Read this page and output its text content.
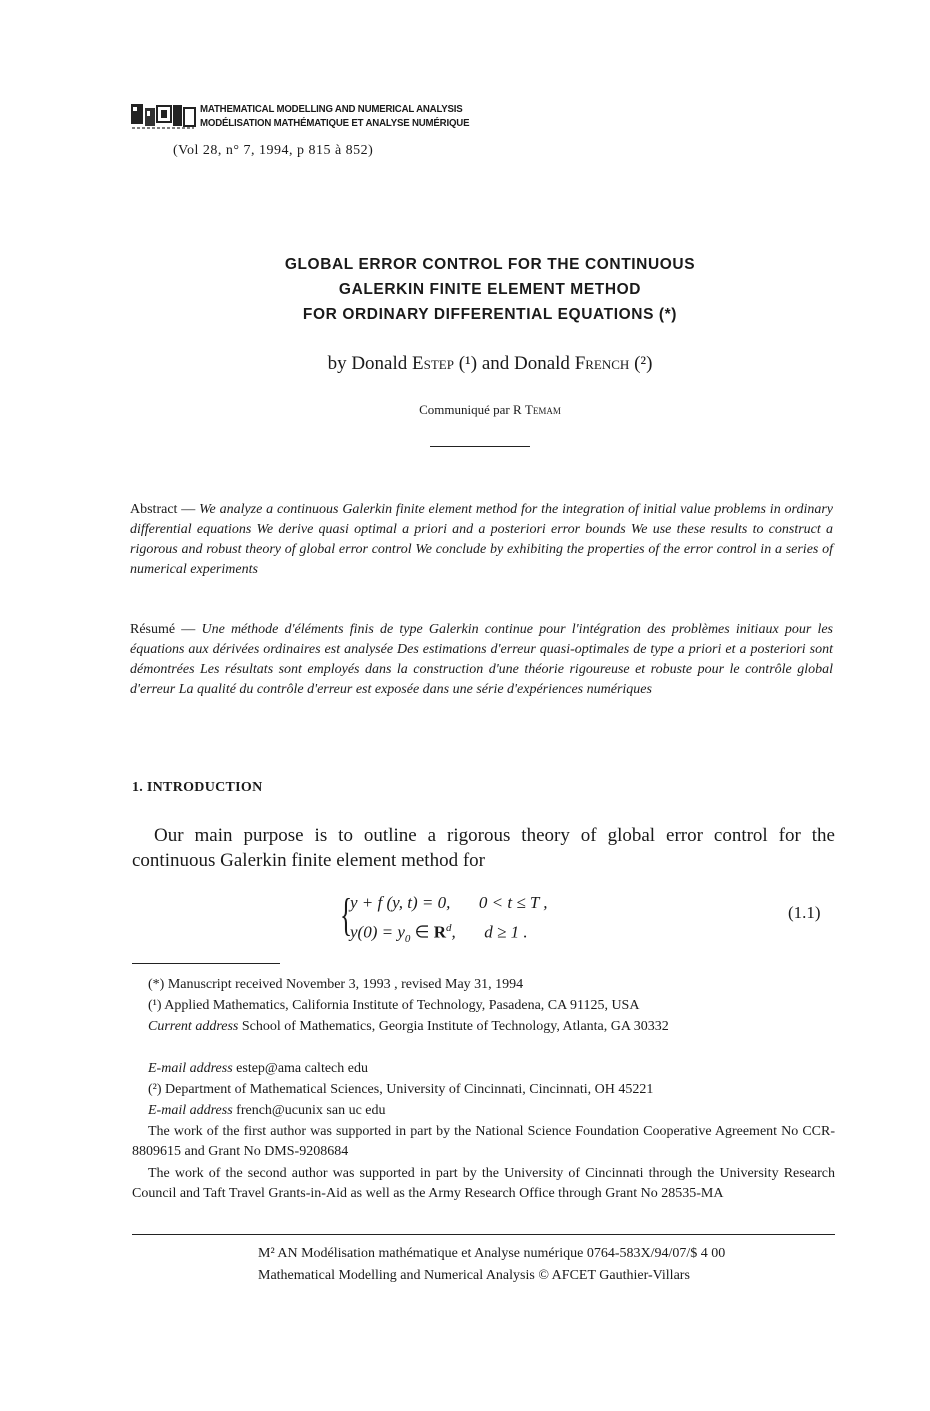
MATHEMATICAL MODELLING AND NUMERICAL ANALYSIS
MODÉLISATION MATHÉMATIQUE ET ANALYSE NUMÉRIQUE
(Vol 28, n° 7, 1994, p 815 à 852)
GLOBAL ERROR CONTROL FOR THE CONTINUOUS
GALERKIN FINITE ELEMENT METHOD
FOR ORDINARY DIFFERENTIAL EQUATIONS (*)
by Donald Estep (¹) and Donald French (²)
Communiqué par R Temam
Abstract — We analyze a continuous Galerkin finite element method for the integration of initial value problems in ordinary differential equations We derive quasi optimal a priori and a posteriori error bounds We use these results to construct a rigorous and robust theory of global error control We conclude by exhibiting the properties of the error control in a series of numerical experiments
Résumé — Une méthode d'éléments finis de type Galerkin continue pour l'intégration des problèmes initiaux pour les équations aux dérivées ordinaires est analysée Des estimations d'erreur quasi-optimales de type a priori et a posteriori sont démontrées Les résultats sont employés dans la construction d'une théorie rigoureuse et robuste pour le contrôle global d'erreur La qualité du contrôle d'erreur est exposée dans une série d'expériences numériques
1. INTRODUCTION
Our main purpose is to outline a rigorous theory of global error control for the continuous Galerkin finite element method for
{
y + f (y, t) = 0, 0 < t ≤ T ,
$y(0) = y_0$ ∈ $R^d$, d ≥ 1 .
(1.1)
(*) Manuscript received November 3, 1993 , revised May 31, 1994
(¹) Applied Mathematics, California Institute of Technology, Pasadena, CA 91125, USA
Current address School of Mathematics, Georgia Institute of Technology, Atlanta, GA 30332
E-mail address estep@ama caltech edu
(²) Department of Mathematical Sciences, University of Cincinnati, Cincinnati, OH 45221
E-mail address french@ucunix san uc edu
The work of the first author was supported in part by the National Science Foundation Cooperative Agreement No CCR-8809615 and Grant No DMS-9208684
The work of the second author was supported in part by the University of Cincinnati through the University Research Council and Taft Travel Grants-in-Aid as well as the Army Research Office through Grant No 28535-MA
M² AN Modélisation mathématique et Analyse numérique 0764-583X/94/07/$ 4 00
Mathematical Modelling and Numerical Analysis © AFCET Gauthier-Villars
